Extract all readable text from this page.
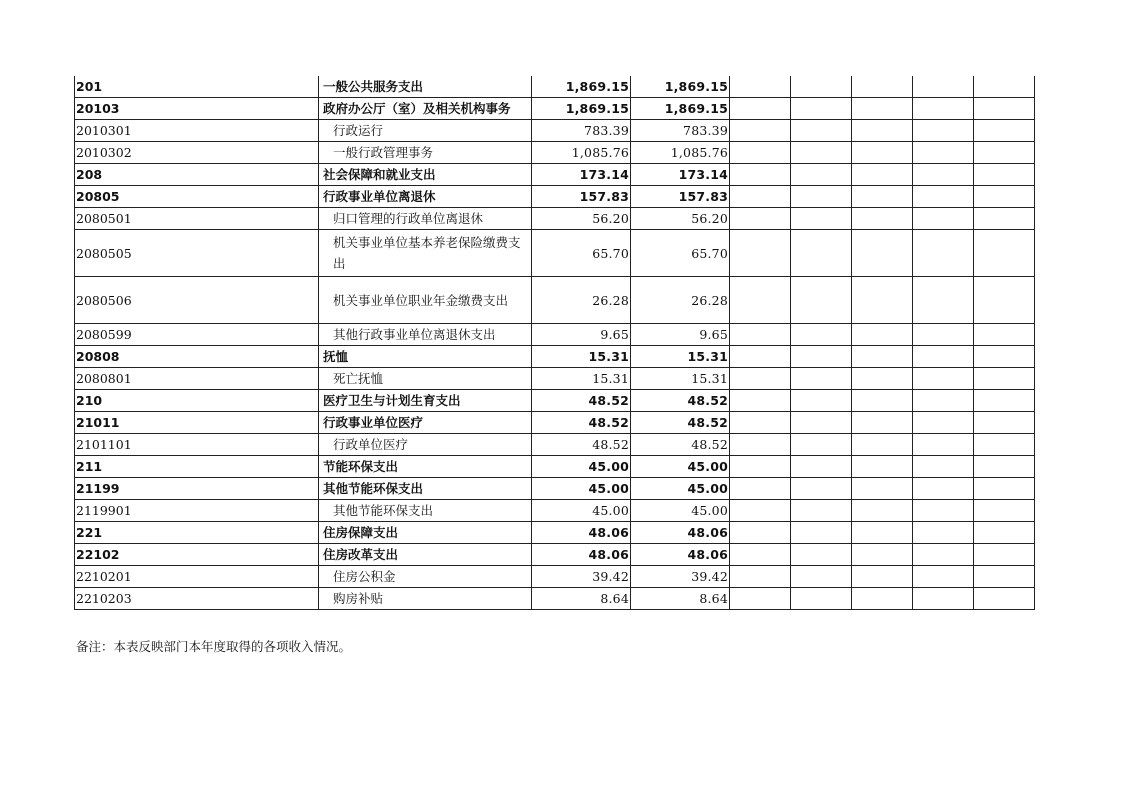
201	一般公共服务支出	1,869.15	1,869.15					
20103	政府办公厅（室）及相关机构事务	1,869.15	1,869.15					
2010301	行政运行	783.39	783.39					
2010302	一般行政管理事务	1,085.76	1,085.76					
208	社会保障和就业支出	173.14	173.14					
20805	行政事业单位离退休	157.83	157.83					
2080501	归口管理的行政单位离退休	56.20	56.20					
2080505	机关事业单位基本养老保险缴费支出	65.70	65.70					
2080506	机关事业单位职业年金缴费支出	26.28	26.28					
2080599	其他行政事业单位离退休支出	9.65	9.65					
20808	抚恤	15.31	15.31					
2080801	死亡抚恤	15.31	15.31					
210	医疗卫生与计划生育支出	48.52	48.52					
21011	行政事业单位医疗	48.52	48.52					
2101101	行政单位医疗	48.52	48.52					
211	节能环保支出	45.00	45.00					
21199	其他节能环保支出	45.00	45.00					
2119901	其他节能环保支出	45.00	45.00					
221	住房保障支出	48.06	48.06					
22102	住房改革支出	48.06	48.06					
2210201	住房公积金	39.42	39.42					
2210203	购房补贴	8.64	8.64					
备注：本表反映部门本年度取得的各项收入情况。
